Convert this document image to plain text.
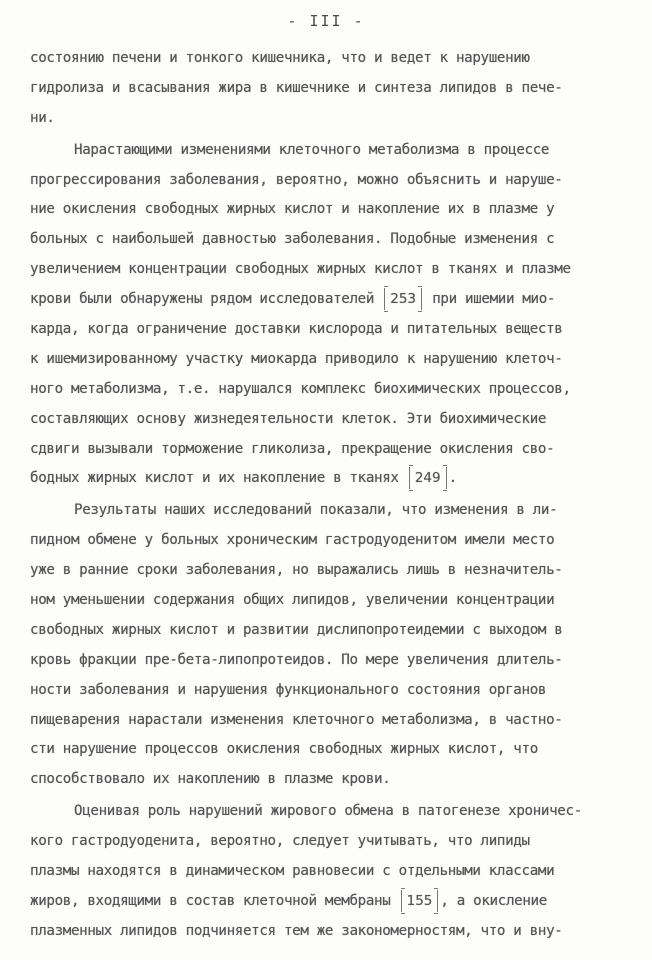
- III -
состоянию печени и тонкого кишечника, что и ведет к нарушению
гидролиза и всасывания жира в кишечнике и синтеза липидов в пече-
ни.
Нарастающими изменениями клеточного метаболизма в процессе
прогрессирования заболевания, вероятно, можно объяснить и наруше-
ние окисления свободных жирных кислот и накопление их в плазме у
больных с наибольшей давностью заболевания. Подобные изменения с
увеличением концентрации свободных жирных кислот в тканях и плазме
крови были обнаружены рядом исследователей 253
при ишемии мио-
карда, когда ограничение доставки кислорода и питательных веществ
к ишемизированному участку миокарда приводило к нарушению клеточ-
ного метаболизма, т.е. нарушался комплекс биохимических процессов,
составляющих основу жизнедеятельности клеток. Эти биохимические
сдвиги вызывали торможение гликолиза, прекращение окисления сво-
бодных жирных кислот и их накопление в тканях 249 .
Результаты наших исследований показали, что изменения в ли-
пидном обмене у больных хроническим гастродуоденитом имели место
уже в ранние сроки заболевания, но выражались лишь в незначитель-
ном уменьшении содержания общих липидов, увеличении концентрации
свободных жирных кислот и развитии дислипопротеидемии с выходом в
кровь фракции пре-бета-липопротеидов. По мере увеличения длитель-
ности заболевания и нарушения функционального состояния органов
пищеварения нарастали изменения клеточного метаболизма, в частно-
сти нарушение процессов окисления свободных жирных кислот, что
способствовало их накоплению в плазме крови.
Оценивая роль нарушений жирового обмена в патогенезе хроничес-
кого гастродуоденита, вероятно, следует учитывать, что липиды
плазмы находятся в динамическом равновесии с отдельными классами
жиров, входящими в состав клеточной мембраны 155 , а окисление
плазменных липидов подчиняется тем же закономерностям, что и вну-
